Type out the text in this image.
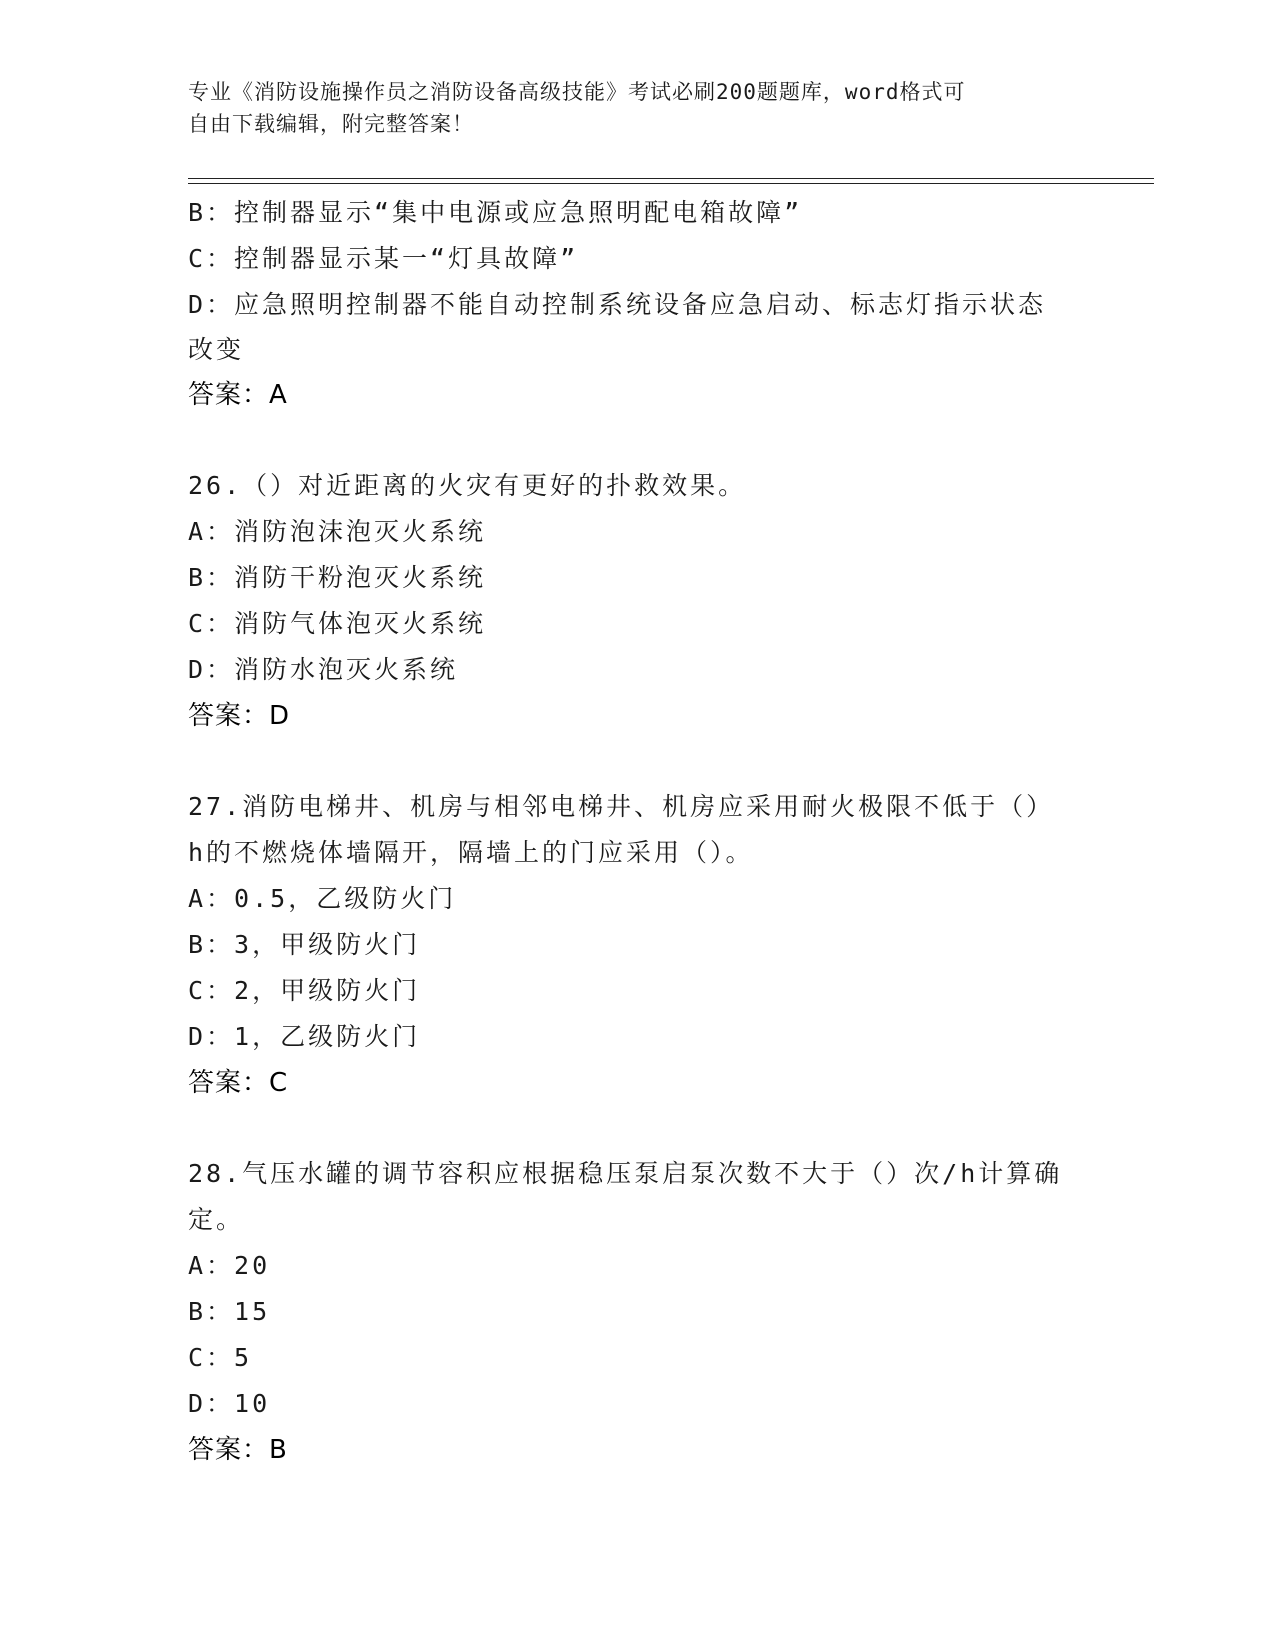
专业《消防设施操作员之消防设备高级技能》考试必刷200题题库，word格式可
自由下载编辑，附完整答案！
B：控制器显示“集中电源或应急照明配电箱故障”
C：控制器显示某一“灯具故障”
D：应急照明控制器不能自动控制系统设备应急启动、标志灯指示状态
改变
答案：A
26.（）对近距离的火灾有更好的扑救效果。
A：消防泡沫泡灭火系统
B：消防干粉泡灭火系统
C：消防气体泡灭火系统
D：消防水泡灭火系统
答案：D
27.消防电梯井、机房与相邻电梯井、机房应采用耐火极限不低于（）
h的不燃烧体墙隔开，隔墙上的门应采用（）。
A：0.5，乙级防火门
B：3，甲级防火门
C：2，甲级防火门
D：1，乙级防火门
答案：C
28.气压水罐的调节容积应根据稳压泵启泵次数不大于（）次/h计算确
定。
A：20
B：15
C：5
D：10
答案：B
